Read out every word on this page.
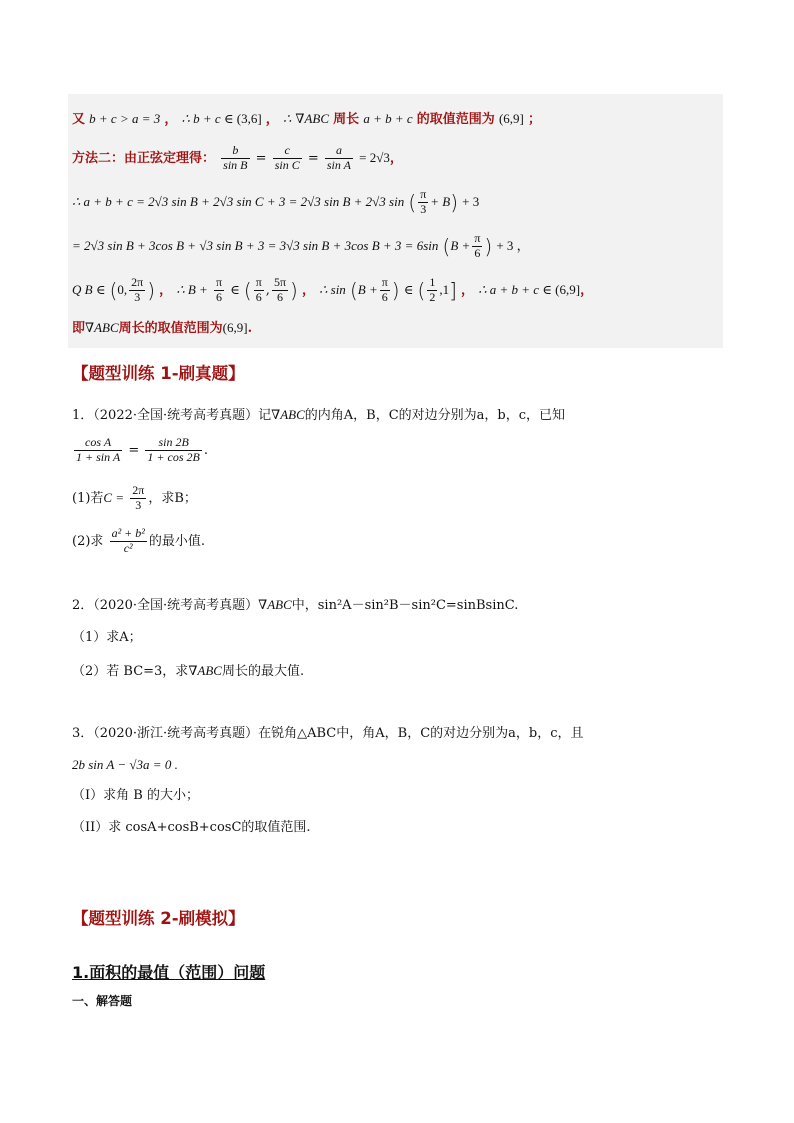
又 b + c > a = 3 ， ∴ b + c ∈ (3,6] ， ∴ ∇ABC 周长 a + b + c 的取值范围为 (6,9] ；
方法二：由正弦定理得： $\frac{b}{\text{sin B}} = \frac{c}{\text{sin C}} = \frac{a}{\text{sin A}} = 2√3$，
∴ a + b + c = 2√3 sin B + 2√3 sin C + 3 = 2√3 sin B + 2√3 sin ( $\frac{\pi}{3} + B) + 3$
= 2√3 sin B + 3cos B + √3 sin B + 3 = 3√3 sin B + 3cos B + 3 = 6sin ($B + \frac{\pi}{6}$ ) + 3 ，
Q B ∈ (0, $\frac{2\pi}{3}$ ) ， ∴ $B + \frac{\pi}{6}$ ∈ ( $\frac{\pi}{6}$ , $\frac{5\pi}{6}$ ) ， ∴ $\sin (B + \frac{\pi}{6}$ ) ∈ ( $\frac{1}{2} ,1$] ， ∴ a + b + c ∈ (6,9]，
即∇ABC周长的取值范围为(6,9].
【题型训练 1-刷真题】
1．（2022·全国·统考高考真题）记∇ABC的内角A，B，C的对边分别为a，b，c，已知
$\frac{\text{cos A}}{\text{1 + sin A}} = \frac{\sin 2B}{1 + \cos 2B}$ .
(1)若$C = \frac{2\pi}{3}$ ，求B；
(2)求 $\frac{\text{a² + b²}}{\text{c²}}$ 的最小值.
2．（2020·全国·统考高考真题）∇ABC中，sin²A－sin²B－sin²C=sinBsinC.
（1）求A；
（2）若 BC=3，求∇ABC周长的最大值.
3．（2020·浙江·统考高考真题）在锐角△ABC中，角A，B，C的对边分别为a，b，c，且
2b sin A − √3a = 0 .
（I）求角 B 的大小；
（II）求 cosA+cosB+cosC的取值范围.
【题型训练 2-刷模拟】
1.面积的最值（范围）问题
一、解答题
